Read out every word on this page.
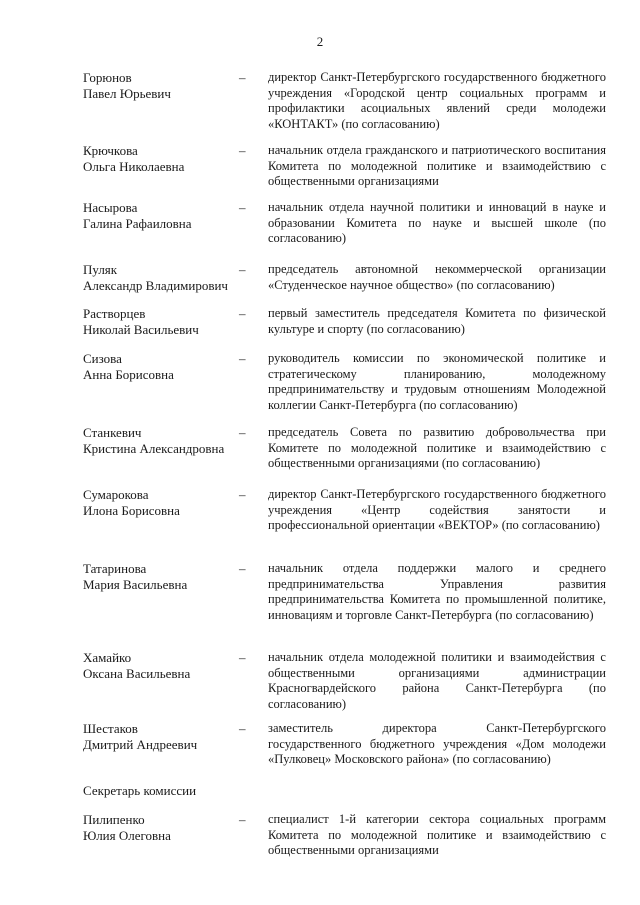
2
Горюнов
Павел Юрьевич
– директор Санкт-Петербургского государственного бюджетного учреждения «Городской центр социальных программ и профилактики асоциальных явлений среди молодежи «КОНТАКТ» (по согласованию)
Крючкова
Ольга Николаевна
– начальник отдела гражданского и патриотического воспитания Комитета по молодежной политике и взаимодействию с общественными организациями
Насырова
Галина Рафаиловна
– начальник отдела научной политики и инноваций в науке и образовании Комитета по науке и высшей школе (по согласованию)
Пуляк
Александр Владимирович
– председатель автономной некоммерческой организации «Студенческое научное общество» (по согласованию)
Растворцев
Николай Васильевич
– первый заместитель председателя Комитета по физической культуре и спорту (по согласованию)
Сизова
Анна Борисовна
– руководитель комиссии по экономической политике и стратегическому планированию, молодежному предпринимательству и трудовым отношениям Молодежной коллегии Санкт-Петербурга (по согласованию)
Станкевич
Кристина Александровна
– председатель Совета по развитию добровольчества при Комитете по молодежной политике и взаимодействию с общественными организациями (по согласованию)
Сумарокова
Илона Борисовна
– директор Санкт-Петербургского государственного бюджетного учреждения «Центр содействия занятости и профессиональной ориентации «ВЕКТОР» (по согласованию)
Татаринова
Мария Васильевна
– начальник отдела поддержки малого и среднего предпринимательства Управления развития предпринимательства Комитета по промышленной политике, инновациям и торговле Санкт-Петербурга (по согласованию)
Хамайко
Оксана Васильевна
– начальник отдела молодежной политики и взаимодействия с общественными организациями администрации Красногвардейского района Санкт-Петербурга (по согласованию)
Шестаков
Дмитрий Андреевич
– заместитель директора Санкт-Петербургского государственного бюджетного учреждения «Дом молодежи «Пулковец» Московского района» (по согласованию)
Секретарь комиссии
Пилипенко
Юлия Олеговна
– специалист 1-й категории сектора социальных программ Комитета по молодежной политике и взаимодействию с общественными организациями
